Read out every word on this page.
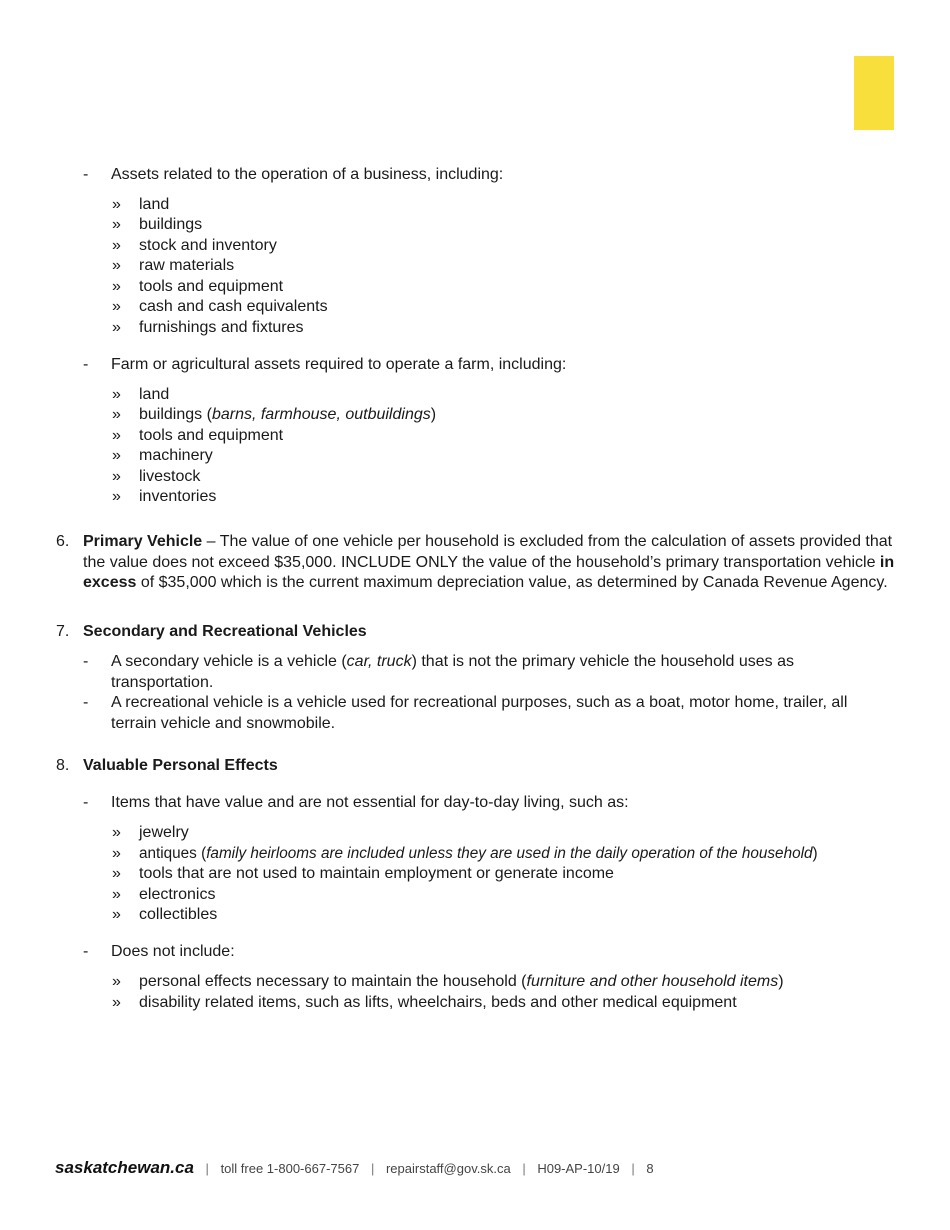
- Assets related to the operation of a business, including:
» land
» buildings
» stock and inventory
» raw materials
» tools and equipment
» cash and cash equivalents
» furnishings and fixtures
- Farm or agricultural assets required to operate a farm, including:
» land
» buildings (barns, farmhouse, outbuildings)
» tools and equipment
» machinery
» livestock
» inventories
6. Primary Vehicle – The value of one vehicle per household is excluded from the calculation of assets provided that the value does not exceed $35,000. INCLUDE ONLY the value of the household’s primary transportation vehicle in excess of $35,000 which is the current maximum depreciation value, as determined by Canada Revenue Agency.
7. Secondary and Recreational Vehicles
- A secondary vehicle is a vehicle (car, truck) that is not the primary vehicle the household uses as transportation.
- A recreational vehicle is a vehicle used for recreational purposes, such as a boat, motor home, trailer, all terrain vehicle and snowmobile.
8. Valuable Personal Effects
- Items that have value and are not essential for day-to-day living, such as:
» jewelry
» antiques (family heirlooms are included unless they are used in the daily operation of the household)
» tools that are not used to maintain employment or generate income
» electronics
» collectibles
- Does not include:
» personal effects necessary to maintain the household (furniture and other household items)
» disability related items, such as lifts, wheelchairs, beds and other medical equipment
saskatchewan.ca | toll free 1-800-667-7567 | repairstaff@gov.sk.ca | H09-AP-10/19 | 8
